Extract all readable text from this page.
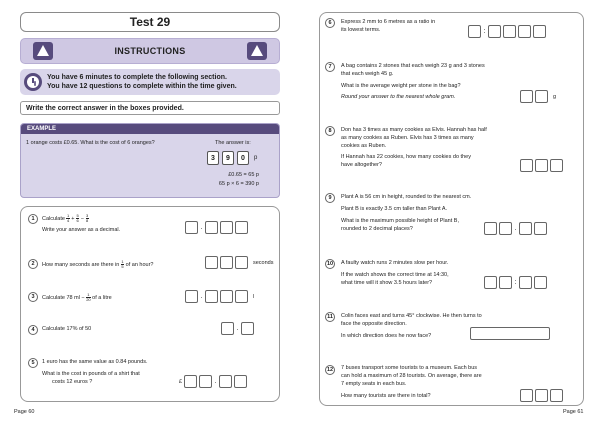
Test 29
INSTRUCTIONS
You have 6 minutes to complete the following section.
You have 12 questions to complete within the time given.
Write the correct answer in the boxes provided.
EXAMPLE
1 orange costs £0.65. What is the cost of 6 oranges?	The answer is:
3	9	0	p
£0.65 = 65 p
65 p × 6 = 390 p
1	Calculate $\frac{1}{4} + \frac{5}{6} - \frac{3}{8}$
Write your answer as a decimal.	.
2	How many seconds are there in $\frac{1}{5}$ of an hour?	seconds
3	Calculate 78 ml − $\frac{1}{20}$ of a litre	.	l
4	Calculate 17% of 50	.
5	1 euro has the same value as 0.84 pounds.
What is the cost in pounds of a shirt that
costs 12 euros ?	£	.
Page 60
6	Express 2 mm to 6 metres as a ratio in
its lowest terms.	:
7	A bag contains 2 stones that each weigh 23 g and 3 stones
that each weigh 45 g.
What is the average weight per stone in the bag?
Round your answer to the nearest whole gram.	g
8	Don has 3 times as many cookies as Elvis. Hannah has half
as many cookies as Ruben. Elvis has 3 times as many
cookies as Ruben.
If Hannah has 22 cookies, how many cookies do they
have altogether?
9	Plant A is 56 cm in height, rounded to the nearest cm.
Plant B is exactly 3.5 cm taller than Plant A.
What is the maximum possible height of Plant B,
rounded to 2 decimal places?	.
10	A faulty watch runs 2 minutes slow per hour.
If the watch shows the correct time at 14:30,
what time will it show 3.5 hours later?	:
11	Colin faces east and turns 45° clockwise. He then turns to
face the opposite direction.
In which direction does he now face?
12	7 buses transport some tourists to a museum. Each bus
can hold a maximum of 28 tourists. On average, there are
7 empty seats in each bus.
How many tourists are there in total?
Page 61
